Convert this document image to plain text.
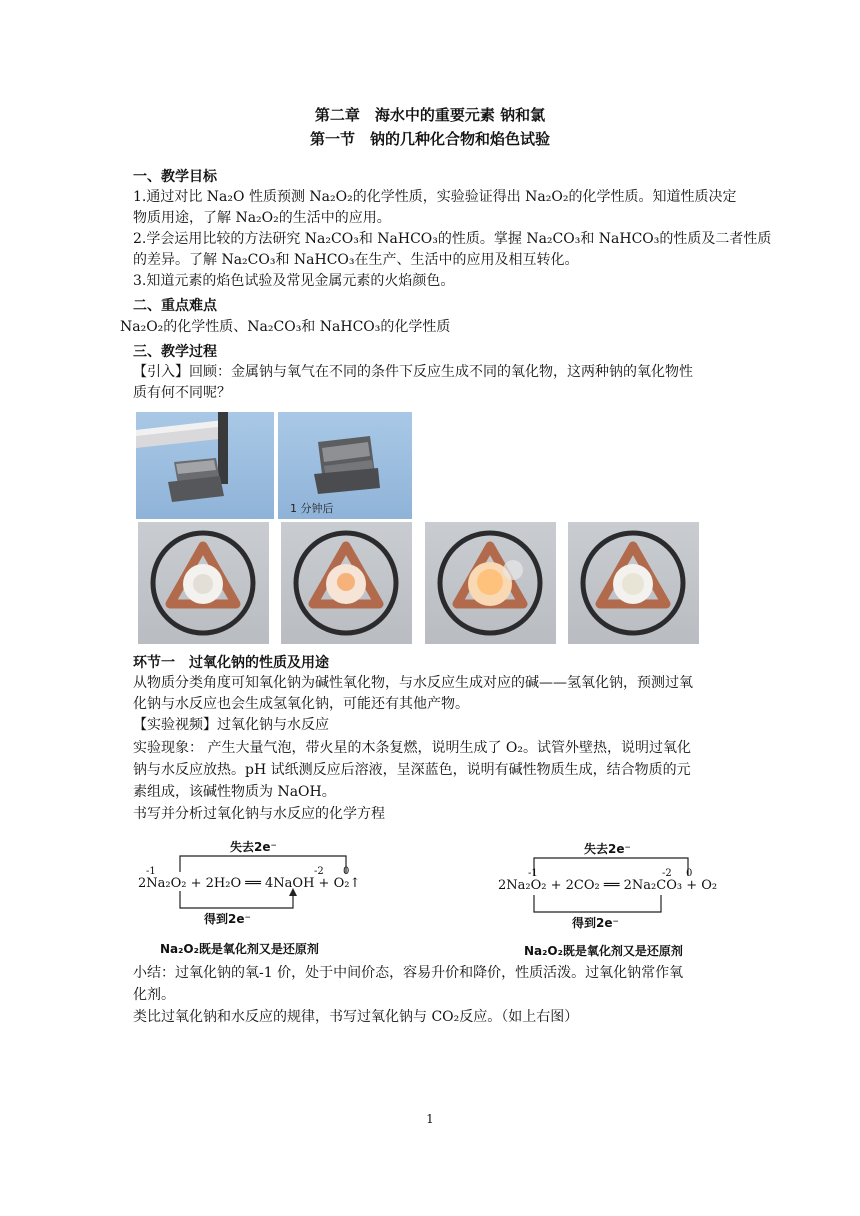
第二章　海水中的重要元素 钠和氯
第一节　钠的几种化合物和焰色试验
一、教学目标
1.通过对比 Na₂O 性质预测 Na₂O₂的化学性质，实验验证得出 Na₂O₂的化学性质。知道性质决定
物质用途，了解 Na₂O₂的生活中的应用。
2.学会运用比较的方法研究 Na₂CO₃和 NaHCO₃的性质。掌握 Na₂CO₃和 NaHCO₃的性质及二者性质
的差异。了解 Na₂CO₃和 NaHCO₃在生产、生活中的应用及相互转化。
3.知道元素的焰色试验及常见金属元素的火焰颜色。
二、重点难点
Na₂O₂的化学性质、Na₂CO₃和 NaHCO₃的化学性质
三、教学过程
【引入】回顾：金属钠与氧气在不同的条件下反应生成不同的氧化物，这两种钠的氧化物性
质有何不同呢？
1 分钟后
环节一　过氧化钠的性质及用途
从物质分类角度可知氧化钠为碱性氧化物，与水反应生成对应的碱——氢氧化钠，预测过氧
化钠与水反应也会生成氢氧化钠，可能还有其他产物。
【实验视频】过氧化钠与水反应
实验现象： 产生大量气泡，带火星的木条复燃，说明生成了 O₂。试管外壁热，说明过氧化
钠与水反应放热。pH 试纸测反应后溶液，呈深蓝色，说明有碱性物质生成，结合物质的元
素组成，该碱性物质为 NaOH。
书写并分析过氧化钠与水反应的化学方程
失去2e⁻
得到2e⁻
-1	-2 0
2Na₂O₂ + 2H₂O ══ 4NaOH + O₂↑
Na₂O₂既是氧化剂又是还原剂
失去2e⁻
得到2e⁻
-1	-2 0
2Na₂O₂ + 2CO₂ ══ 2Na₂CO₃ + O₂
Na₂O₂既是氧化剂又是还原剂
小结：过氧化钠的氧-1 价，处于中间价态，容易升价和降价，性质活泼。过氧化钠常作氧
化剂。
类比过氧化钠和水反应的规律，书写过氧化钠与 CO₂反应。（如上右图）
1
